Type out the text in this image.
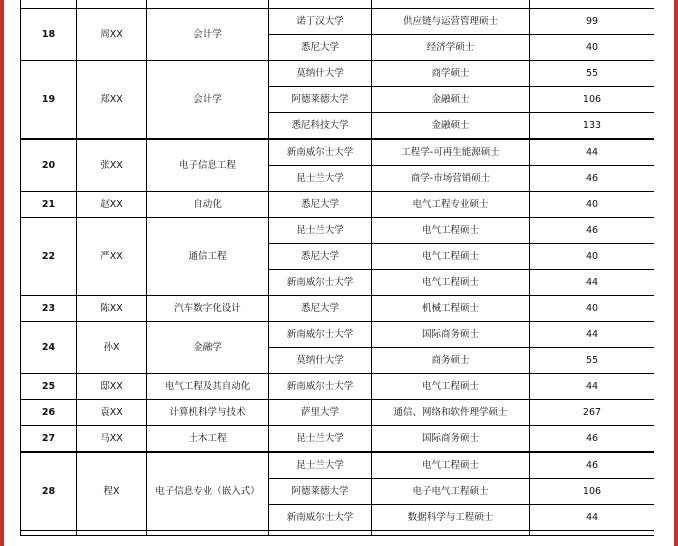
18	周XX	会计学	诺丁汉大学	供应链与运营管理硕士	99
			悉尼大学	经济学硕士	40
19	郑XX	会计学	莫纳什大学	商学硕士	55
			阿德莱德大学	金融硕士	106
			悉尼科技大学	金融硕士	133
20	张XX	电子信息工程	新南威尔士大学	工程学-可再生能源硕士	44
			昆士兰大学	商学-市场营销硕士	46
21	赵XX	自动化	悉尼大学	电气工程专业硕士	40
22	严XX	通信工程	昆士兰大学	电气工程硕士	46
			悉尼大学	电气工程硕士	40
			新南威尔士大学	电气工程硕士	44
23	陈XX	汽车数字化设计	悉尼大学	机械工程硕士	40
24	孙X	金融学	新南威尔士大学	国际商务硕士	44
			莫纳什大学	商务硕士	55
25	邸XX	电气工程及其自动化	新南威尔士大学	电气工程硕士	44
26	袁XX	计算机科学与技术	萨里大学	通信、网络和软件理学硕士	267
27	马XX	土木工程	昆士兰大学	国际商务硕士	46
28	程X	电子信息专业（嵌入式）	昆士兰大学	电气工程硕士	46
			阿德莱德大学	电子电气工程硕士	106
			新南威尔士大学	数据科学与工程硕士	44
